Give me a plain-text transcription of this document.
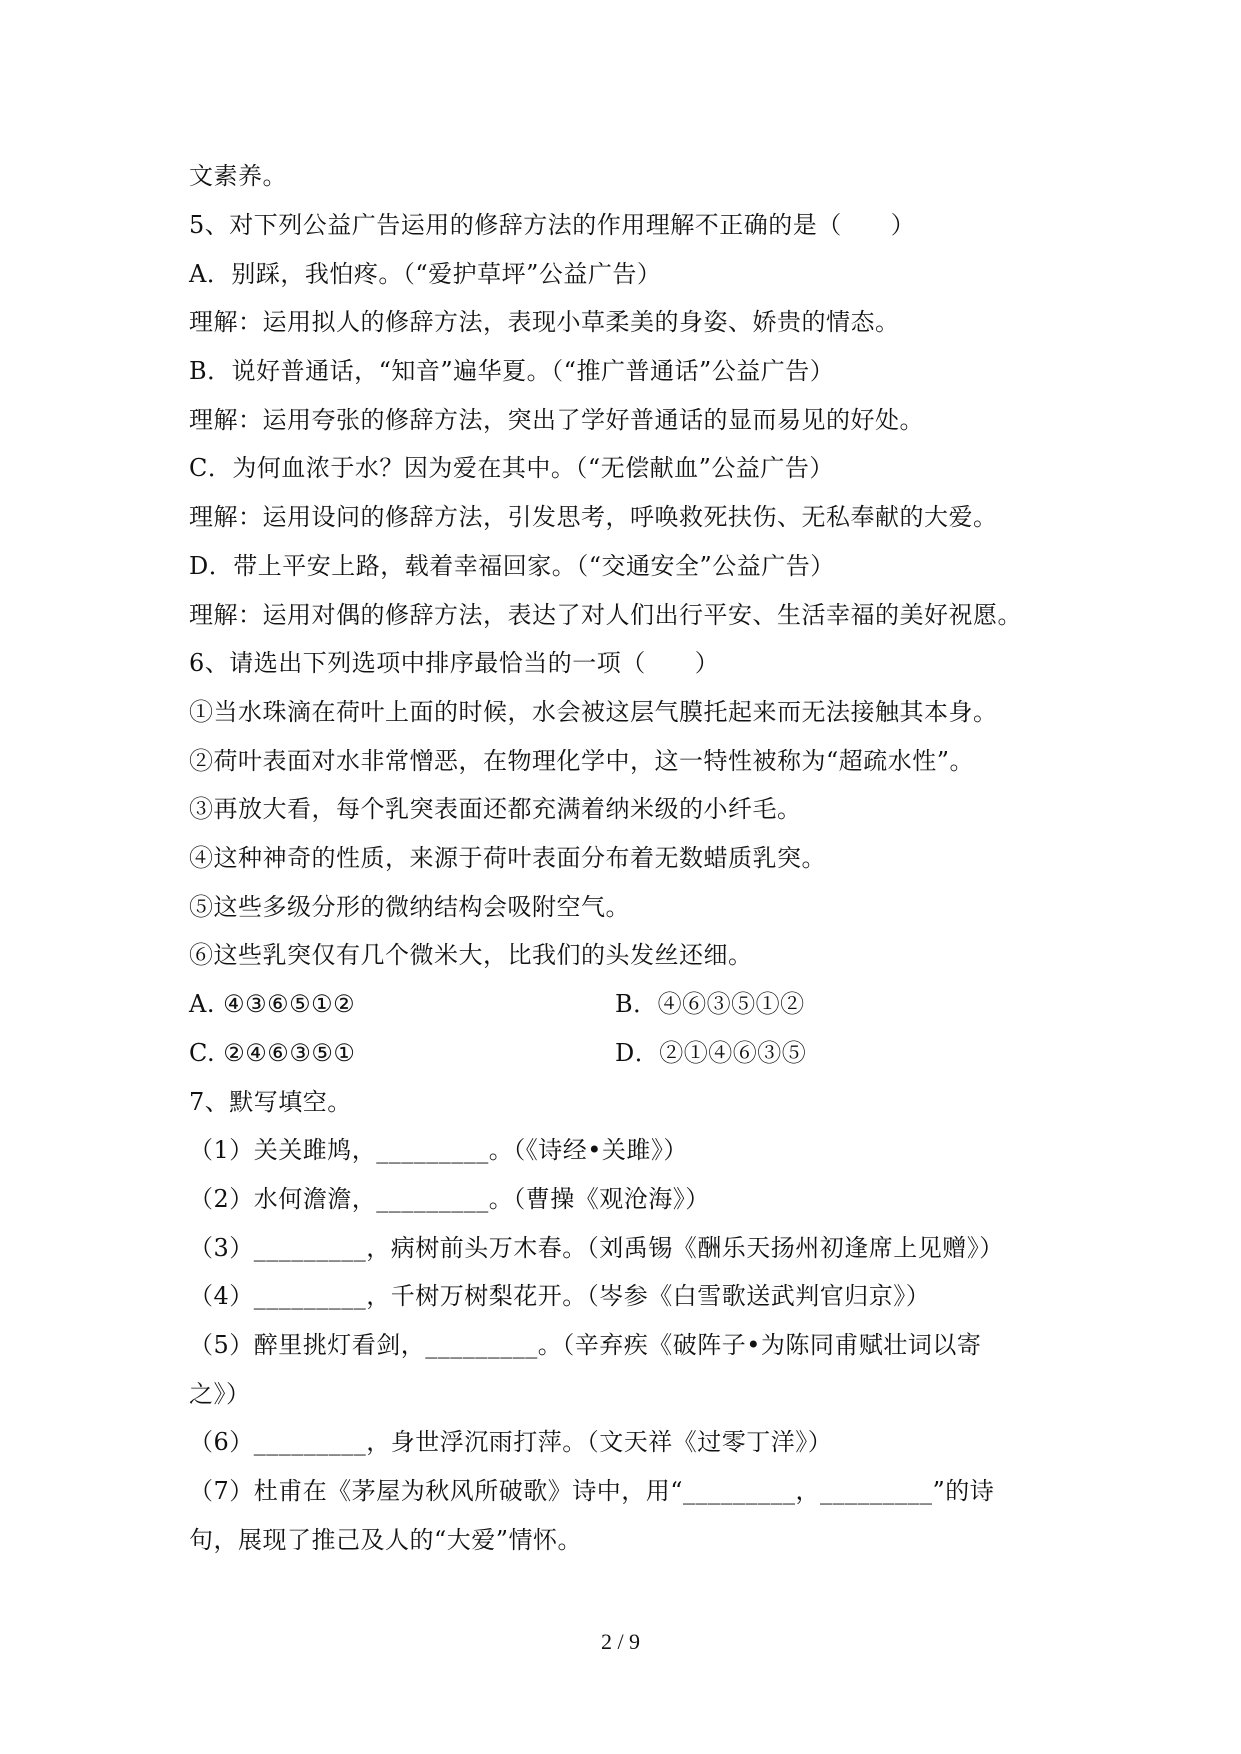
文素养。
5、对下列公益广告运用的修辞方法的作用理解不正确的是（　　）
A．别踩，我怕疼。（“爱护草坪”公益广告）
理解：运用拟人的修辞方法，表现小草柔美的身姿、娇贵的情态。
B．说好普通话，“知音”遍华夏。（“推广普通话”公益广告）
理解：运用夸张的修辞方法，突出了学好普通话的显而易见的好处。
C．为何血浓于水？因为爱在其中。（“无偿献血”公益广告）
理解：运用设问的修辞方法，引发思考，呼唤救死扶伤、无私奉献的大爱。
D．带上平安上路，载着幸福回家。（“交通安全”公益广告）
理解：运用对偶的修辞方法，表达了对人们出行平安、生活幸福的美好祝愿。
6、请选出下列选项中排序最恰当的一项（　　）
①当水珠滴在荷叶上面的时候，水会被这层气膜托起来而无法接触其本身。
②荷叶表面对水非常憎恶，在物理化学中，这一特性被称为“超疏水性”。
③再放大看，每个乳突表面还都充满着纳米级的小纤毛。
④这种神奇的性质，来源于荷叶表面分布着无数蜡质乳突。
⑤这些多级分形的微纳结构会吸附空气。
⑥这些乳突仅有几个微米大，比我们的头发丝还细。
A. ④③⑥⑤①②	B．④⑥③⑤①②
C. ②④⑥③⑤①	D．②①④⑥③⑤
7、默写填空。
（1）关关雎鸠，_________。（《诗经•关雎》）
（2）水何澹澹，_________。（曹操《观沧海》）
（3）_________，病树前头万木春。（刘禹锡《酬乐天扬州初逢席上见赠》）
（4）_________，千树万树梨花开。（岑参《白雪歌送武判官归京》）
（5）醉里挑灯看剑，_________。（辛弃疾《破阵子•为陈同甫赋壮词以寄
之》）
（6）_________，身世浮沉雨打萍。（文天祥《过零丁洋》）
（7）杜甫在《茅屋为秋风所破歌》诗中，用“_________，_________”的诗
句，展现了推己及人的“大爱”情怀。
2 / 9
